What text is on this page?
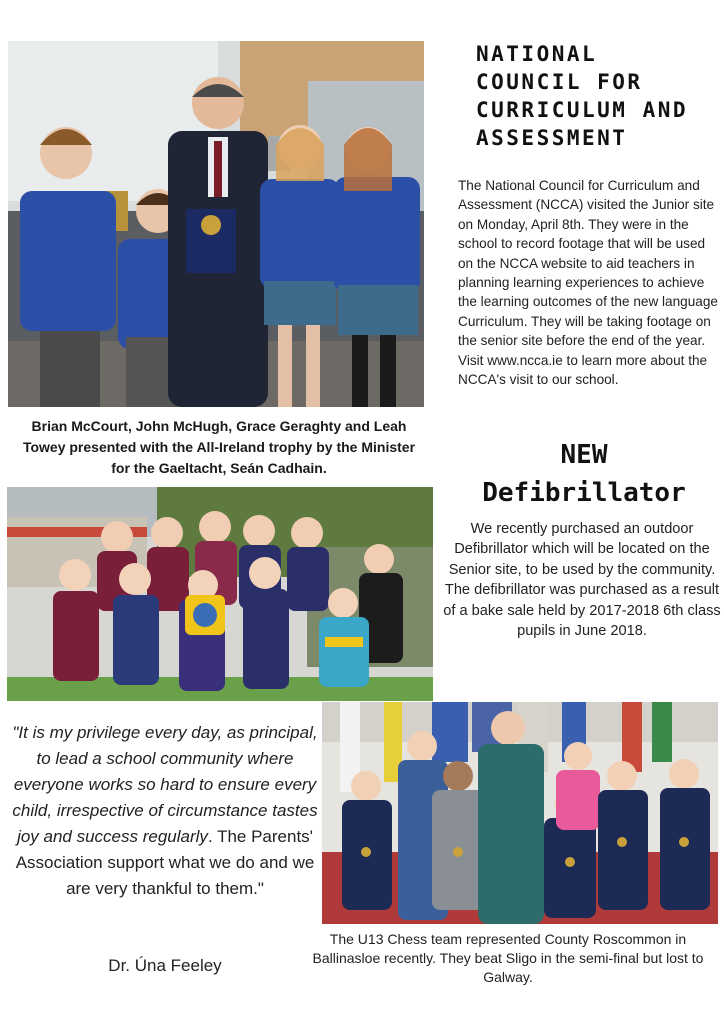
NATIONAL COUNCIL FOR CURRICULUM AND ASSESSMENT
The National Council for Curriculum and Assessment (NCCA) visited the Junior site on Monday, April 8th. They were in the school to record footage that will be used on the NCCA website to aid teachers in planning learning experiences to achieve the learning outcomes of the new language Curriculum. They will be taking footage on the senior site before the end of the year. Visit www.ncca.ie to learn more about the NCCA's visit to our school.
Brian McCourt, John McHugh, Grace Geraghty and Leah Towey presented with the All-Ireland trophy by the Minister for the Gaeltacht, Seán Cadhain.	NEW
Defibrillator
We recently purchased an outdoor Defibrillator which will be located on the Senior site, to be used by the community. The defibrillator was purchased as a result of a bake sale held by 2017-2018 6th class pupils in June 2018.
"It is my privilege every day, as principal, to lead a school community where everyone works so hard to ensure every child, irrespective of circumstance tastes joy and success regularly. The Parents' Association support what we do and we are very thankful to them."
Dr. Úna Feeley
The U13 Chess team represented County Roscommon in Ballinasloe recently. They beat Sligo in the semi-final but lost to Galway.
